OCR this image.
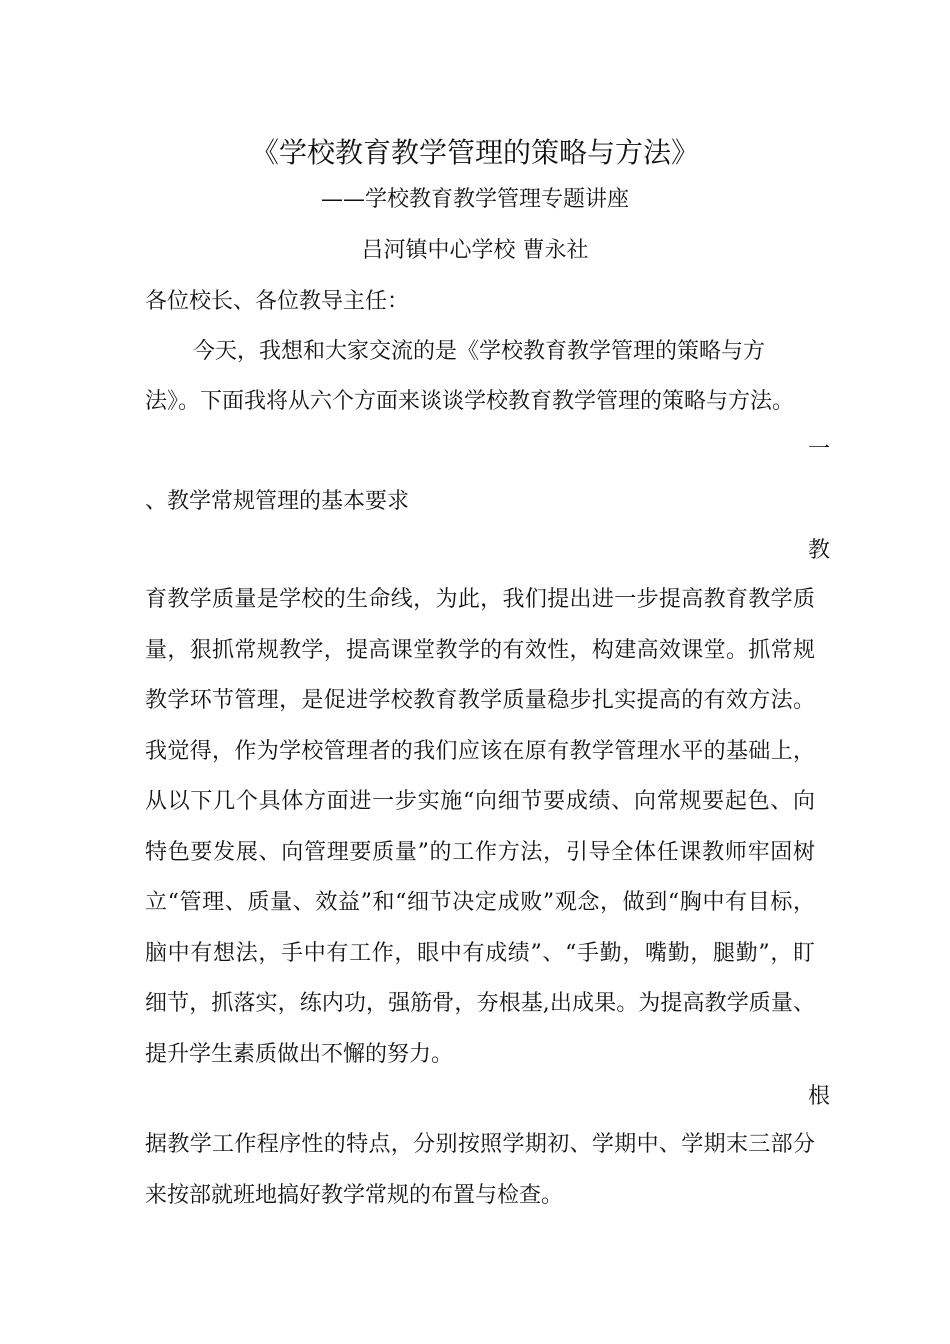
《学校教育教学管理的策略与方法》
——学校教育教学管理专题讲座
吕河镇中心学校 曹永社
各位校长、各位教导主任：
今天，我想和大家交流的是《学校教育教学管理的策略与方
法》。下面我将从六个方面来谈谈学校教育教学管理的策略与方法。
一
、教学常规管理的基本要求
教

育教学质量是学校的生命线，为此，我们提出进一步提高教育教学质量，狠抓常规教学，提高课堂教学的有效性，构建高效课堂。抓常规教学环节管理，是促进学校教育教学质量稳步扎实提高的有效方法。我觉得，作为学校管理者的我们应该在原有教学管理水平的基础上，从以下几个具体方面进一步实施“向细节要成绩、向常规要起色、向特色要发展、向管理要质量”的工作方法，引导全体任课教师牢固树立“管理、质量、效益”和“细节决定成败”观念，做到“胸中有目标，脑中有想法，手中有工作，眼中有成绩”、“手勤，嘴勤，腿勤”，盯细节，抓落实，练内功，强筋骨，夯根基,出成果。为提高教学质量、提升学生素质做出不懈的努力。

根

据教学工作程序性的特点，分别按照学期初、学期中、学期末三部分来按部就班地搞好教学常规的布置与检查。
